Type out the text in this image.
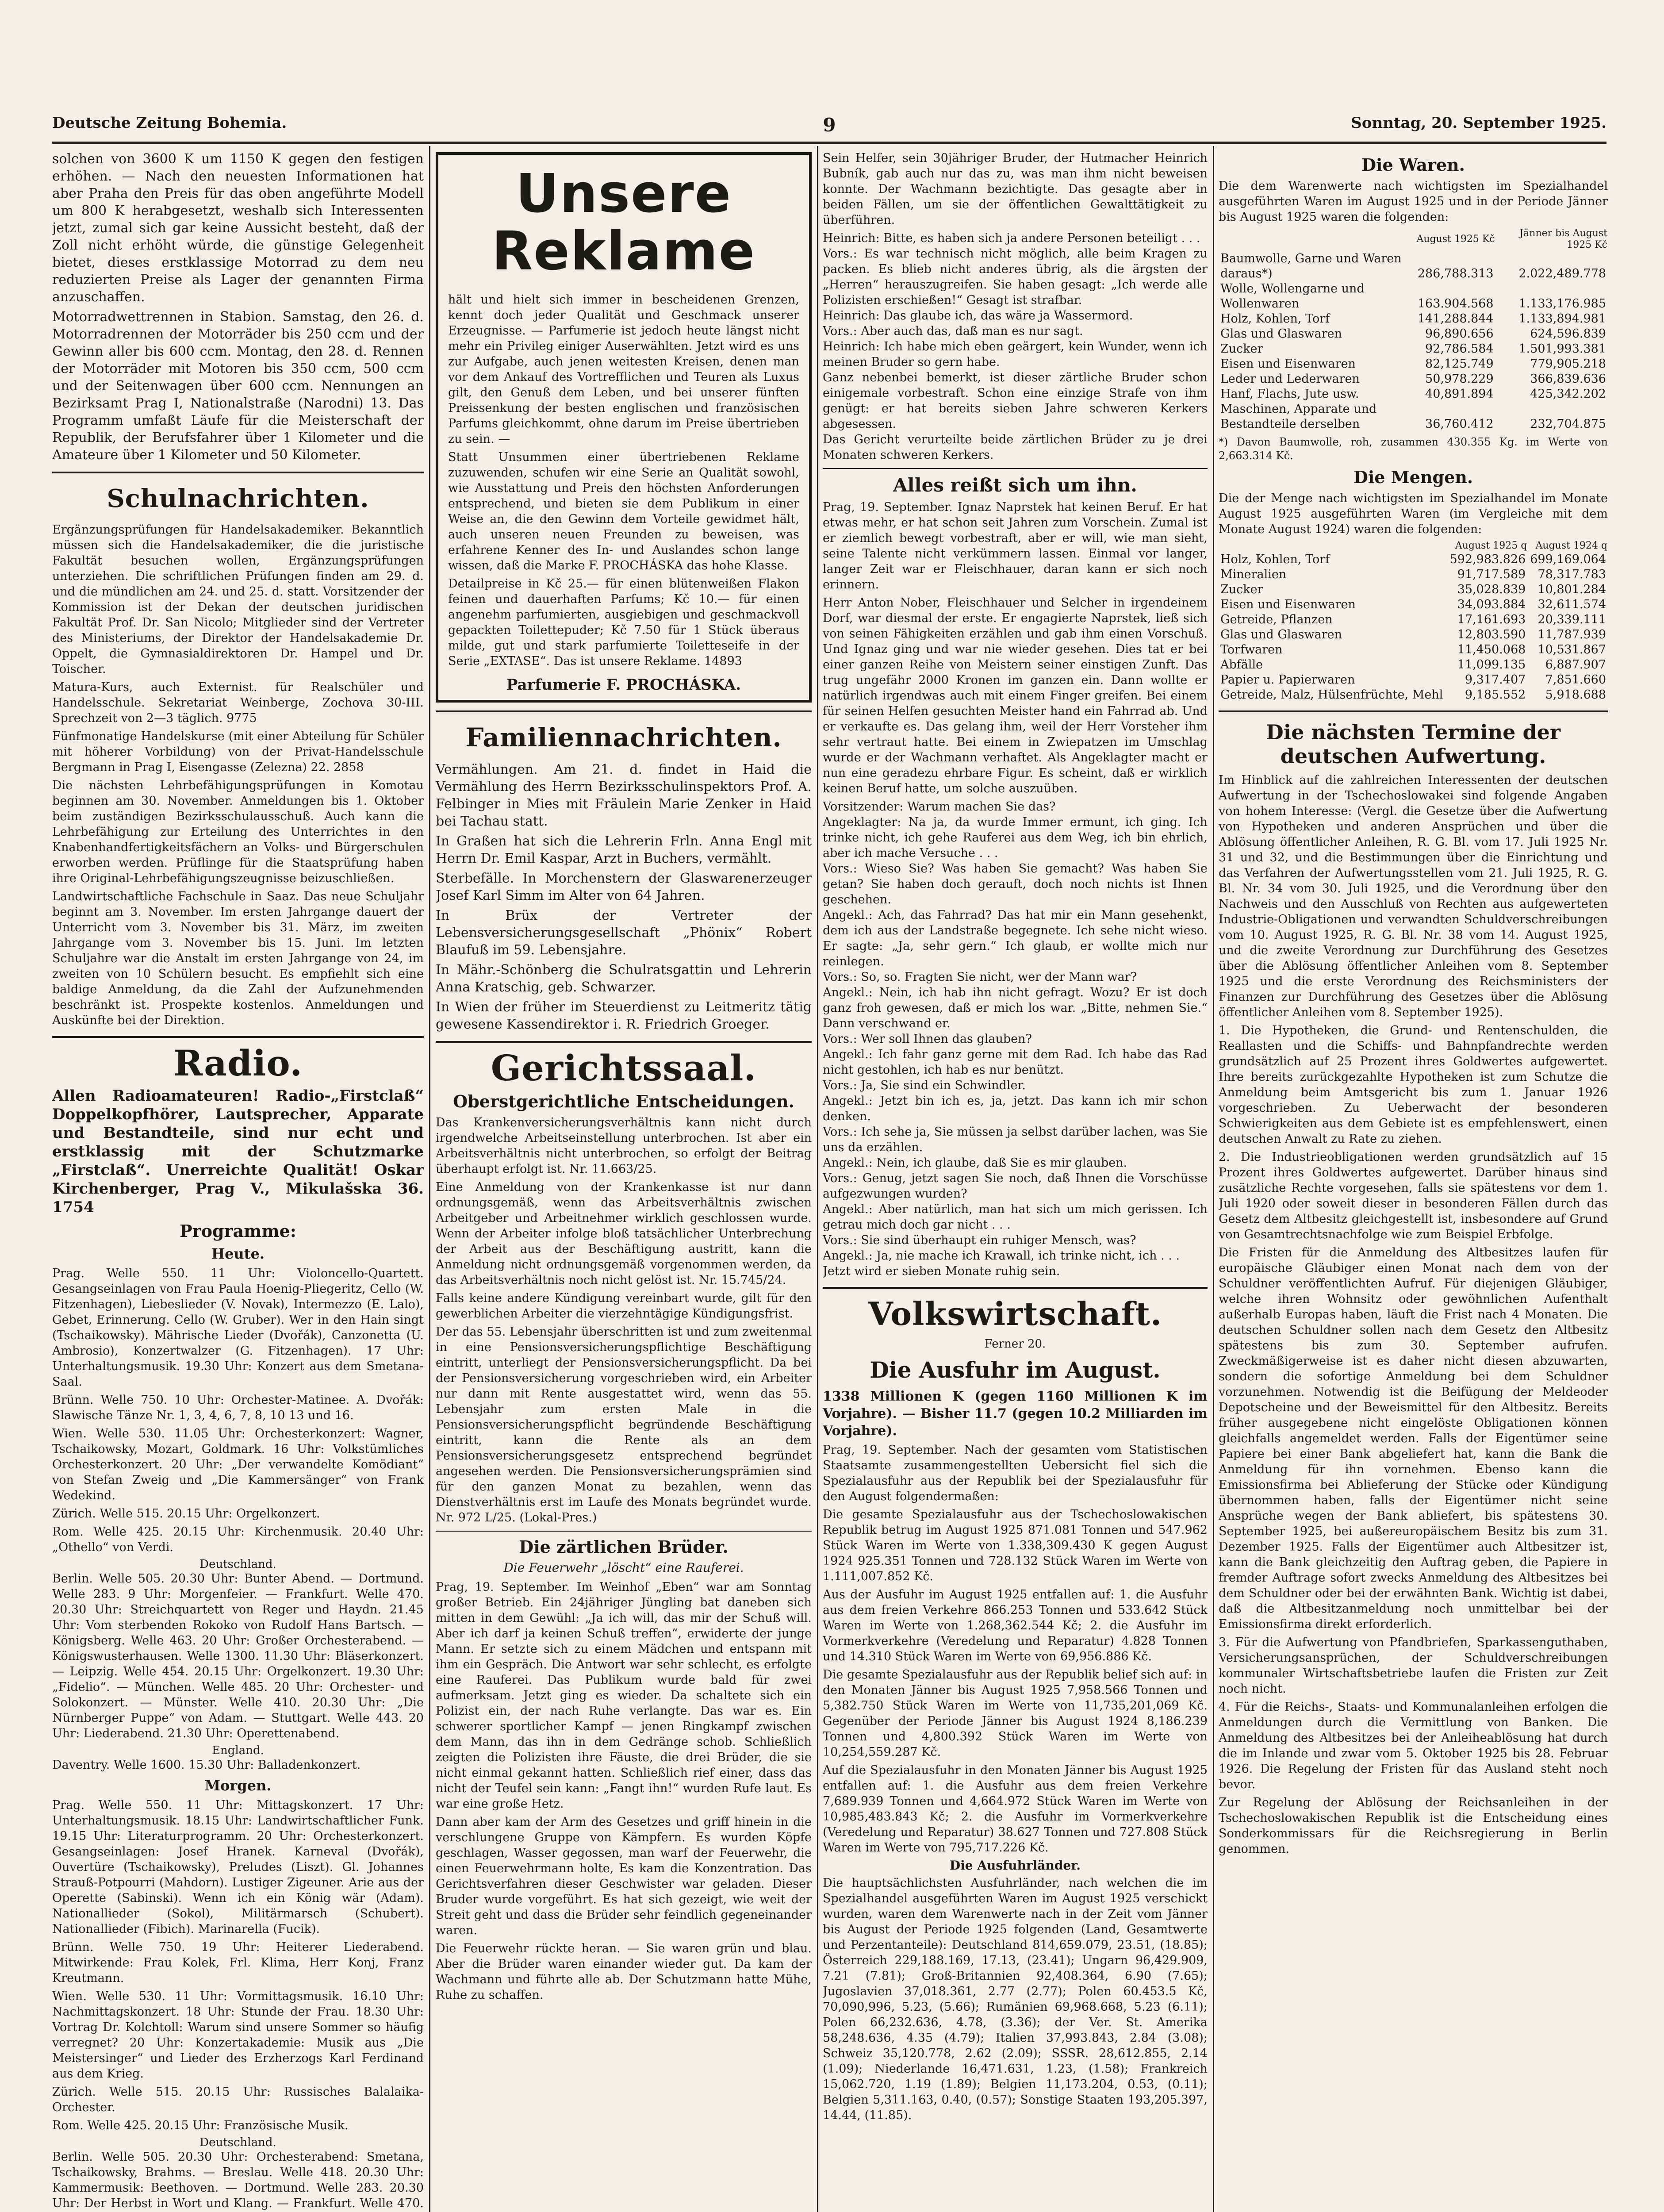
Deutsche Zeitung Bohemia.	9	Sonntag, 20. September 1925.

solchen von 3600 K um 1150 K gegen den festigen erhöhen. — Nach den neuesten Informationen hat aber Praha den Preis für das oben angeführte Modell um 800 K herabgesetzt, weshalb sich Interessenten jetzt, zumal sich gar keine Aussicht besteht, daß der Zoll nicht erhöht würde, die günstige Gelegenheit bietet, dieses erstklassige Motorrad zu dem neu reduzierten Preise als Lager der genannten Firma anzuschaffen.

Motorradwettrennen in Stabion. Samstag, den 26. d. Motorradrennen der Motorräder bis 250 ccm und der Gewinn aller bis 600 ccm. Montag, den 28. d. Rennen der Motorräder mit Motoren bis 350 ccm, 500 ccm und der Seitenwagen über 600 ccm. Nennungen an Bezirksamt Prag I, Nationalstraße (Narodni) 13. Das Programm umfaßt Läufe für die Meisterschaft der Republik, der Berufsfahrer über 1 Kilometer und die Amateure über 1 Kilometer und 50 Kilometer.

Schulnachrichten.

Ergänzungsprüfungen für Handelsakademiker. Bekanntlich müssen sich die Handelsakademiker, die die juristische Fakultät besuchen wollen, Ergänzungsprüfungen unterziehen. Die schriftlichen Prüfungen finden am 29. d. und die mündlichen am 24. und 25. d. statt. Vorsitzender der Kommission ist der Dekan der deutschen juridischen Fakultät Prof. Dr. San Nicolo; Mitglieder sind der Vertreter des Ministeriums, der Direktor der Handelsakademie Dr. Oppelt, die Gymnasialdirektoren Dr. Hampel und Dr. Toischer.

Matura-Kurs, auch Externist. für Realschüler und Handelsschule. Sekretariat Weinberge, Zochova 30-III. Sprechzeit von 2—3 täglich. 9775

Fünfmonatige Handelskurse (mit einer Abteilung für Schüler mit höherer Vorbildung) von der Privat-Handelsschule Bergmann in Prag I, Eisengasse (Zelezna) 22. 2858

Die nächsten Lehrbefähigungsprüfungen in Komotau beginnen am 30. November. Anmeldungen bis 1. Oktober beim zuständigen Bezirksschulausschuß. Auch kann die Lehrbefähigung zur Erteilung des Unterrichtes in den Knabenhandfertigkeitsfächern an Volks- und Bürgerschulen erworben werden. Prüflinge für die Staatsprüfung haben ihre Original-Lehrbefähigungszeugnisse beizuschließen.

Landwirtschaftliche Fachschule in Saaz. Das neue Schuljahr beginnt am 3. November. Im ersten Jahrgange dauert der Unterricht vom 3. November bis 31. März, im zweiten Jahrgange vom 3. November bis 15. Juni. Im letzten Schuljahre war die Anstalt im ersten Jahrgange von 24, im zweiten von 10 Schülern besucht. Es empfiehlt sich eine baldige Anmeldung, da die Zahl der Aufzunehmenden beschränkt ist. Prospekte kostenlos. Anmeldungen und Auskünfte bei der Direktion.

Radio.

Allen Radioamateuren! Radio-„Firstclaß“ Doppelkopfhörer, Lautsprecher, Apparate und Bestandteile, sind nur echt und erstklassig mit der Schutzmarke „Firstclaß“. Unerreichte Qualität! Oskar Kirchenberger, Prag V., Mikulašska 36. 1754

Programme:
Heute.

Prag. Welle 550. 11 Uhr: Violoncello-Quartett. Gesangseinlagen von Frau Paula Hoenig-Pliegeritz, Cello (W. Fitzenhagen), Liebeslieder (V. Novak), Intermezzo (E. Lalo), Gebet, Erinnerung. Cello (W. Gruber). Wer in den Hain singt (Tschaikowsky). Mährische Lieder (Dvořák), Canzonetta (U. Ambrosio), Konzertwalzer (G. Fitzenhagen). 17 Uhr: Unterhaltungsmusik. 19.30 Uhr: Konzert aus dem Smetana-Saal.

Brünn. Welle 750. 10 Uhr: Orchester-Matinee. A. Dvořák: Slawische Tänze Nr. 1, 3, 4, 6, 7, 8, 10 13 und 16.

Wien. Welle 530. 11.05 Uhr: Orchesterkonzert: Wagner, Tschaikowsky, Mozart, Goldmark. 16 Uhr: Volkstümliches Orchesterkonzert. 20 Uhr: „Der verwandelte Komödiant“ von Stefan Zweig und „Die Kammersänger“ von Frank Wedekind.

Zürich. Welle 515. 20.15 Uhr: Orgelkonzert.

Rom. Welle 425. 20.15 Uhr: Kirchenmusik. 20.40 Uhr: „Othello“ von Verdi.

Deutschland.

Berlin. Welle 505. 20.30 Uhr: Bunter Abend. — Dortmund. Welle 283. 9 Uhr: Morgenfeier. — Frankfurt. Welle 470. 20.30 Uhr: Streichquartett von Reger und Haydn. 21.45 Uhr: Vom sterbenden Rokoko von Rudolf Hans Bartsch. — Königsberg. Welle 463. 20 Uhr: Großer Orchesterabend. — Königswusterhausen. Welle 1300. 11.30 Uhr: Bläserkonzert. — Leipzig. Welle 454. 20.15 Uhr: Orgelkonzert. 19.30 Uhr: „Fidelio“. — München. Welle 485. 20 Uhr: Orchester- und Solokonzert. — Münster. Welle 410. 20.30 Uhr: „Die Nürnberger Puppe“ von Adam. — Stuttgart. Welle 443. 20 Uhr: Liederabend. 21.30 Uhr: Operettenabend.

England.

Daventry. Welle 1600. 15.30 Uhr: Balladenkonzert.

Morgen.

Prag. Welle 550. 11 Uhr: Mittagskonzert. 17 Uhr: Unterhaltungsmusik. 18.15 Uhr: Landwirtschaftlicher Funk. 19.15 Uhr: Literaturprogramm. 20 Uhr: Orchesterkonzert. Gesangseinlagen: Josef Hranek. Karneval (Dvořák), Ouvertüre (Tschaikowsky), Preludes (Liszt). Gl. Johannes Strauß-Potpourri (Mahdorn). Lustiger Zigeuner. Arie aus der Operette (Sabinski). Wenn ich ein König wär (Adam). Nationallieder (Sokol), Militärmarsch (Schubert). Nationallieder (Fibich). Marinarella (Fucik).

Brünn. Welle 750. 19 Uhr: Heiterer Liederabend. Mitwirkende: Frau Kolek, Frl. Klima, Herr Konj, Franz Kreutmann.

Wien. Welle 530. 11 Uhr: Vormittagsmusik. 16.10 Uhr: Nachmittagskonzert. 18 Uhr: Stunde der Frau. 18.30 Uhr: Vortrag Dr. Kolchtoll: Warum sind unsere Sommer so häufig verregnet? 20 Uhr: Konzertakademie: Musik aus „Die Meistersinger“ und Lieder des Erzherzogs Karl Ferdinand aus dem Krieg.

Zürich. Welle 515. 20.15 Uhr: Russisches Balalaika-Orchester.

Rom. Welle 425. 20.15 Uhr: Französische Musik.

Deutschland.

Berlin. Welle 505. 20.30 Uhr: Orchesterabend: Smetana, Tschaikowsky, Brahms. — Breslau. Welle 418. 20.30 Uhr: Kammermusik: Beethoven. — Dortmund. Welle 283. 20.30 Uhr: Der Herbst in Wort und Klang. — Frankfurt. Welle 470.

Unsere Reklame

hält und hielt sich immer in bescheidenen Grenzen, kennt doch jeder Qualität und Geschmack unserer Erzeugnisse. — Parfumerie ist jedoch heute längst nicht mehr ein Privileg einiger Auserwählten. Jetzt wird es uns zur Aufgabe, auch jenen weitesten Kreisen, denen man vor dem Ankauf des Vortrefflichen und Teuren als Luxus gilt, den Genuß dem Leben, und bei unserer fünften Preissenkung der besten englischen und französischen Parfums gleichkommt, ohne darum im Preise übertrieben zu sein. —

Statt Unsummen einer übertriebenen Reklame zuzuwenden, schufen wir eine Serie an Qualität sowohl, wie Ausstattung und Preis den höchsten Anforderungen entsprechend, und bieten sie dem Publikum in einer Weise an, die den Gewinn dem Vorteile gewidmet hält, auch unseren neuen Freunden zu beweisen, was erfahrene Kenner des In- und Auslandes schon lange wissen, daß die Marke F. PROCHÁSKA das hohe Klasse.

Detailpreise in Kč 25.— für einen blütenweißen Flakon feinen und dauerhaften Parfums; Kč 10.— für einen angenehm parfumierten, ausgiebigen und geschmackvoll gepackten Toilettepuder; Kč 7.50 für 1 Stück überaus milde, gut und stark parfumierte Toiletteseife in der Serie „EXTASE“. Das ist unsere Reklame. 14893

Parfumerie F. PROCHÁSKA.
Familiennachrichten.

Vermählungen. Am 21. d. findet in Haid die Vermählung des Herrn Bezirksschulinspektors Prof. A. Felbinger in Mies mit Fräulein Marie Zenker in Haid bei Tachau statt.

In Graßen hat sich die Lehrerin Frln. Anna Engl mit Herrn Dr. Emil Kaspar, Arzt in Buchers, vermählt.

Sterbefälle. In Morchenstern der Glaswarenerzeuger Josef Karl Simm im Alter von 64 Jahren.

In Brüx der Vertreter der Lebensversicherungsgesellschaft „Phönix“ Robert Blaufuß im 59. Lebensjahre.

In Mähr.-Schönberg die Schulratsgattin und Lehrerin Anna Kratschig, geb. Schwarzer.

In Wien der früher im Steuerdienst zu Leitmeritz tätig gewesene Kassendirektor i. R. Friedrich Groeger.

Gerichtssaal.
Oberstgerichtliche Entscheidungen.

Das Krankenversicherungsverhältnis kann nicht durch irgendwelche Arbeitseinstellung unterbrochen. Ist aber ein Arbeitsverhältnis nicht unterbrochen, so erfolgt der Beitrag überhaupt erfolgt ist. Nr. 11.663/25.

Eine Anmeldung von der Krankenkasse ist nur dann ordnungsgemäß, wenn das Arbeitsverhältnis zwischen Arbeitgeber und Arbeitnehmer wirklich geschlossen wurde. Wenn der Arbeiter infolge bloß tatsächlicher Unterbrechung der Arbeit aus der Beschäftigung austritt, kann die Anmeldung nicht ordnungsgemäß vorgenommen werden, da das Arbeitsverhältnis noch nicht gelöst ist. Nr. 15.745/24.

Falls keine andere Kündigung vereinbart wurde, gilt für den gewerblichen Arbeiter die vierzehntägige Kündigungsfrist.

Der das 55. Lebensjahr überschritten ist und zum zweitenmal in eine Pensionsversicherungspflichtige Beschäftigung eintritt, unterliegt der Pensionsversicherungspflicht. Da bei der Pensionsversicherung vorgeschrieben wird, ein Arbeiter nur dann mit Rente ausgestattet wird, wenn das 55. Lebensjahr zum ersten Male in die Pensionsversicherungspflicht begründende Beschäftigung eintritt, kann die Rente als an dem Pensionsversicherungsgesetz entsprechend begründet angesehen werden. Die Pensionsversicherungsprämien sind für den ganzen Monat zu bezahlen, wenn das Dienstverhältnis erst im Laufe des Monats begründet wurde. Nr. 972 L/25. (Lokal-Pres.)

Die zärtlichen Brüder.
Die Feuerwehr „löscht“ eine Rauferei.

Prag, 19. September. Im Weinhof „Eben“ war am Sonntag großer Betrieb. Ein 24jähriger Jüngling bat daneben sich mitten in dem Gewühl: „Ja ich will, das mir der Schuß will. Aber ich darf ja keinen Schuß treffen“, erwiderte der junge Mann. Er setzte sich zu einem Mädchen und entspann mit ihm ein Gespräch. Die Antwort war sehr schlecht, es erfolgte eine Rauferei. Das Publikum wurde bald für zwei aufmerksam. Jetzt ging es wieder. Da schaltete sich ein Polizist ein, der nach Ruhe verlangte. Das war es. Ein schwerer sportlicher Kampf — jenen Ringkampf zwischen dem Mann, das ihn in dem Gedränge schob. Schließlich zeigten die Polizisten ihre Fäuste, die drei Brüder, die sie nicht einmal gekannt hatten. Schließlich rief einer, dass das nicht der Teufel sein kann: „Fangt ihn!“ wurden Rufe laut. Es war eine große Hetz.

Dann aber kam der Arm des Gesetzes und griff hinein in die verschlungene Gruppe von Kämpfern. Es wurden Köpfe geschlagen, Wasser gegossen, man warf der Feuerwehr, die einen Feuerwehrmann holte, Es kam die Konzentration. Das Gerichtsverfahren dieser Geschwister war geladen. Dieser Bruder wurde vorgeführt. Es hat sich gezeigt, wie weit der Streit geht und dass die Brüder sehr feindlich gegeneinander waren.

Die Feuerwehr rückte heran. — Sie waren grün und blau. Aber die Brüder waren einander wieder gut. Da kam der Wachmann und führte alle ab. Der Schutzmann hatte Mühe, Ruhe zu schaffen.

Sein Helfer, sein 30jähriger Bruder, der Hutmacher Heinrich Bubník, gab auch nur das zu, was man ihm nicht beweisen konnte. Der Wachmann bezichtigte. Das gesagte aber in beiden Fällen, um sie der öffentlichen Gewalttätigkeit zu überführen.

Heinrich: Bitte, es haben sich ja andere Personen beteiligt . . .
Vors.: Es war technisch nicht möglich, alle beim Kragen zu packen. Es blieb nicht anderes übrig, als die ärgsten der „Herren“ herauszugreifen. Sie haben gesagt: „Ich werde alle Polizisten erschießen!“ Gesagt ist strafbar.
Heinrich: Das glaube ich, das wäre ja Wassermord.
Vors.: Aber auch das, daß man es nur sagt.
Heinrich: Ich habe mich eben geärgert, kein Wunder, wenn ich meinen Bruder so gern habe.
Ganz nebenbei bemerkt, ist dieser zärtliche Bruder schon einigemale vorbestraft. Schon eine einzige Strafe von ihm genügt: er hat bereits sieben Jahre schweren Kerkers abgesessen.
Das Gericht verurteilte beide zärtlichen Brüder zu je drei Monaten schweren Kerkers.

Alles reißt sich um ihn.

Prag, 19. September. Ignaz Naprstek hat keinen Beruf. Er hat etwas mehr, er hat schon seit Jahren zum Vorschein. Zumal ist er ziemlich bewegt vorbestraft, aber er will, wie man sieht, seine Talente nicht verkümmern lassen. Einmal vor langer, langer Zeit war er Fleischhauer, daran kann er sich noch erinnern.

Herr Anton Nober, Fleischhauer und Selcher in irgendeinem Dorf, war diesmal der erste. Er engagierte Naprstek, ließ sich von seinen Fähigkeiten erzählen und gab ihm einen Vorschuß. Und Ignaz ging und war nie wieder gesehen. Dies tat er bei einer ganzen Reihe von Meistern seiner einstigen Zunft. Das trug ungefähr 2000 Kronen im ganzen ein. Dann wollte er natürlich irgendwas auch mit einem Finger greifen. Bei einem für seinen Helfen gesuchten Meister hand ein Fahrrad ab. Und er verkaufte es. Das gelang ihm, weil der Herr Vorsteher ihm sehr vertraut hatte. Bei einem in Zwiepatzen im Umschlag wurde er der Wachmann verhaftet. Als Angeklagter macht er nun eine geradezu ehrbare Figur. Es scheint, daß er wirklich keinen Beruf hatte, um solche auszuüben.

Vorsitzender: Warum machen Sie das?
Angeklagter: Na ja, da wurde Immer ermunt, ich ging. Ich trinke nicht, ich gehe Rauferei aus dem Weg, ich bin ehrlich, aber ich mache Versuche . . .
Vors.: Wieso Sie? Was haben Sie gemacht? Was haben Sie getan? Sie haben doch gerauft, doch noch nichts ist Ihnen geschehen.
Angekl.: Ach, das Fahrrad? Das hat mir ein Mann gesehenkt, dem ich aus der Landstraße begegnete. Ich sehe nicht wieso. Er sagte: „Ja, sehr gern.“ Ich glaub, er wollte mich nur reinlegen.
Vors.: So, so. Fragten Sie nicht, wer der Mann war?
Angekl.: Nein, ich hab ihn nicht gefragt. Wozu? Er ist doch ganz froh gewesen, daß er mich los war. „Bitte, nehmen Sie.“ Dann verschwand er.
Vors.: Wer soll Ihnen das glauben?
Angekl.: Ich fahr ganz gerne mit dem Rad. Ich habe das Rad nicht gestohlen, ich hab es nur benützt.
Vors.: Ja, Sie sind ein Schwindler.
Angekl.: Jetzt bin ich es, ja, jetzt. Das kann ich mir schon denken.
Vors.: Ich sehe ja, Sie müssen ja selbst darüber lachen, was Sie uns da erzählen.
Angekl.: Nein, ich glaube, daß Sie es mir glauben.
Vors.: Genug, jetzt sagen Sie noch, daß Ihnen die Vorschüsse aufgezwungen wurden?
Angekl.: Aber natürlich, man hat sich um mich gerissen. Ich getrau mich doch gar nicht . . .
Vors.: Sie sind überhaupt ein ruhiger Mensch, was?
Angekl.: Ja, nie mache ich Krawall, ich trinke nicht, ich . . .
Jetzt wird er sieben Monate ruhig sein.

Volkswirtschaft.
Ferner 20.
Die Ausfuhr im August.

1338 Millionen K (gegen 1160 Millionen K im Vorjahre). — Bisher 11.7 (gegen 10.2 Milliarden im Vorjahre).

Prag, 19. September. Nach der gesamten vom Statistischen Staatsamte zusammengestellten Uebersicht fiel sich die Spezialausfuhr aus der Republik bei der Spezialausfuhr für den August folgendermaßen:

Die gesamte Spezialausfuhr aus der Tschechoslowakischen Republik betrug im August 1925 871.081 Tonnen und 547.962 Stück Waren im Werte von 1.338,309.430 K gegen August 1924 925.351 Tonnen und 728.132 Stück Waren im Werte von 1.111,007.852 Kč.

Aus der Ausfuhr im August 1925 entfallen auf: 1. die Ausfuhr aus dem freien Verkehre 866.253 Tonnen und 533.642 Stück Waren im Werte von 1.268,362.544 Kč; 2. die Ausfuhr im Vormerkverkehre (Veredelung und Reparatur) 4.828 Tonnen und 14.310 Stück Waren im Werte von 69,956.886 Kč.

Die gesamte Spezialausfuhr aus der Republik belief sich auf: in den Monaten Jänner bis August 1925 7,958.566 Tonnen und 5,382.750 Stück Waren im Werte von 11,735,201,069 Kč. Gegenüber der Periode Jänner bis August 1924 8,186.239 Tonnen und 4,800.392 Stück Waren im Werte von 10,254,559.287 Kč.

Auf die Spezialausfuhr in den Monaten Jänner bis August 1925 entfallen auf: 1. die Ausfuhr aus dem freien Verkehre 7,689.939 Tonnen und 4,664.972 Stück Waren im Werte von 10,985,483.843 Kč; 2. die Ausfuhr im Vormerkverkehre (Veredelung und Reparatur) 38.627 Tonnen und 727.808 Stück Waren im Werte von 795,717.226 Kč.

Die Ausfuhrländer.

Die hauptsächlichsten Ausfuhrländer, nach welchen die im Spezialhandel ausgeführten Waren im August 1925 verschickt wurden, waren dem Warenwerte nach in der Zeit vom Jänner bis August der Periode 1925 folgenden (Land, Gesamtwerte und Perzentanteile): Deutschland 814,659.079, 23.51, (18.85); Österreich 229,188.169, 17.13, (23.41); Ungarn 96,429.909, 7.21 (7.81); Groß-Britannien 92,408.364, 6.90 (7.65); Jugoslavien 37,018.361, 2.77 (2.77); Polen 60.453.5 Kč, 70,090,996, 5.23, (5.66); Rumänien 69,968.668, 5.23 (6.11); Polen 66,232.636, 4.78, (3.36); der Ver. St. Amerika 58,248.636, 4.35 (4.79); Italien 37,993.843, 2.84 (3.08); Schweiz 35,120.778, 2.62 (2.09); SSSR. 28,612.855, 2.14 (1.09); Niederlande 16,471.631, 1.23, (1.58); Frankreich 15,062.720, 1.19 (1.89); Belgien 11,173.204, 0.53, (0.11); Belgien 5,311.163, 0.40, (0.57); Sonstige Staaten 193,205.397, 14.44, (11.85).

Die Waren.

Die dem Warenwerte nach wichtigsten im Spezialhandel ausgeführten Waren im August 1925 und in der Periode Jänner bis August 1925 waren die folgenden:

	August 1925 Kč	Jänner bis August 1925 Kč
Baumwolle, Garne und Waren daraus*)	286,788.313	2.022,489.778
Wolle, Wollengarne und Wollenwaren	163.904.568	1.133,176.985
Holz, Kohlen, Torf	141,288.844	1.133,894.981
Glas und Glaswaren	96,890.656	624,596.839
Zucker	92,786.584	1.501,993.381
Eisen und Eisenwaren	82,125.749	779,905.218
Leder und Lederwaren	50,978.229	366,839.636
Hanf, Flachs, Jute usw.	40,891.894	425,342.202
Maschinen, Apparate und Bestandteile derselben	36,760.412	232,704.875

*) Davon Baumwolle, roh, zusammen 430.355 Kg. im Werte von 2,663.314 Kč.

Die Mengen.

Die der Menge nach wichtigsten im Spezialhandel im Monate August 1925 ausgeführten Waren (im Vergleiche mit dem Monate August 1924) waren die folgenden:

	August 1925 q	August 1924 q
Holz, Kohlen, Torf	592,983.826	699,169.064
Mineralien	91,717.589	78,317.783
Zucker	35,028.839	10,801.284
Eisen und Eisenwaren	34,093.884	32,611.574
Getreide, Pflanzen	17,161.693	20,339.111
Glas und Glaswaren	12,803.590	11,787.939
Torfwaren	11,450.068	10,531.867
Abfälle	11,099.135	6,887.907
Papier u. Papierwaren	9,317.407	7,851.660
Getreide, Malz, Hülsenfrüchte, Mehl	9,185.552	5,918.688
Die nächsten Termine der deutschen Aufwertung.

Im Hinblick auf die zahlreichen Interessenten der deutschen Aufwertung in der Tschechoslowakei sind folgende Angaben von hohem Interesse: (Vergl. die Gesetze über die Aufwertung von Hypotheken und anderen Ansprüchen und über die Ablösung öffentlicher Anleihen, R. G. Bl. vom 17. Juli 1925 Nr. 31 und 32, und die Bestimmungen über die Einrichtung und das Verfahren der Aufwertungsstellen vom 21. Juli 1925, R. G. Bl. Nr. 34 vom 30. Juli 1925, und die Verordnung über den Nachweis und den Ausschluß von Rechten aus aufgewerteten Industrie-Obligationen und verwandten Schuldverschreibungen vom 10. August 1925, R. G. Bl. Nr. 38 vom 14. August 1925, und die zweite Verordnung zur Durchführung des Gesetzes über die Ablösung öffentlicher Anleihen vom 8. September 1925 und die erste Verordnung des Reichsministers der Finanzen zur Durchführung des Gesetzes über die Ablösung öffentlicher Anleihen vom 8. September 1925).

1. Die Hypotheken, die Grund- und Rentenschulden, die Reallasten und die Schiffs- und Bahnpfandrechte werden grundsätzlich auf 25 Prozent ihres Goldwertes aufgewertet. Ihre bereits zurückgezahlte Hypotheken ist zum Schutze die Anmeldung beim Amtsgericht bis zum 1. Januar 1926 vorgeschrieben. Zu Ueberwacht der besonderen Schwierigkeiten aus dem Gebiete ist es empfehlenswert, einen deutschen Anwalt zu Rate zu ziehen.

2. Die Industrieobligationen werden grundsätzlich auf 15 Prozent ihres Goldwertes aufgewertet. Darüber hinaus sind zusätzliche Rechte vorgesehen, falls sie spätestens vor dem 1. Juli 1920 oder soweit dieser in besonderen Fällen durch das Gesetz dem Altbesitz gleichgestellt ist, insbesondere auf Grund von Gesamtrechtsnachfolge wie zum Beispiel Erbfolge.

Die Fristen für die Anmeldung des Altbesitzes laufen für europäische Gläubiger einen Monat nach dem von der Schuldner veröffentlichten Aufruf. Für diejenigen Gläubiger, welche ihren Wohnsitz oder gewöhnlichen Aufenthalt außerhalb Europas haben, läuft die Frist nach 4 Monaten. Die deutschen Schuldner sollen nach dem Gesetz den Altbesitz spätestens bis zum 30. September aufrufen. Zweckmäßigerweise ist es daher nicht diesen abzuwarten, sondern die sofortige Anmeldung bei dem Schuldner vorzunehmen. Notwendig ist die Beifügung der Meldeoder Depotscheine und der Beweismittel für den Altbesitz. Bereits früher ausgegebene nicht eingelöste Obligationen können gleichfalls angemeldet werden. Falls der Eigentümer seine Papiere bei einer Bank abgeliefert hat, kann die Bank die Anmeldung für ihn vornehmen. Ebenso kann die Emissionsfirma bei Ablieferung der Stücke oder Kündigung übernommen haben, falls der Eigentümer nicht seine Ansprüche wegen der Bank abliefert, bis spätestens 30. September 1925, bei außereuropäischem Besitz bis zum 31. Dezember 1925. Falls der Eigentümer auch Altbesitzer ist, kann die Bank gleichzeitig den Auftrag geben, die Papiere in fremder Auftrage sofort zwecks Anmeldung des Altbesitzes bei dem Schuldner oder bei der erwähnten Bank. Wichtig ist dabei, daß die Altbesitzanmeldung noch unmittelbar bei der Emissionsfirma direkt erforderlich.

3. Für die Aufwertung von Pfandbriefen, Sparkassenguthaben, Versicherungsansprüchen, der Schuldverschreibungen kommunaler Wirtschaftsbetriebe laufen die Fristen zur Zeit noch nicht.

4. Für die Reichs-, Staats- und Kommunalanleihen erfolgen die Anmeldungen durch die Vermittlung von Banken. Die Anmeldung des Altbesitzes bei der Anleiheablösung hat durch die im Inlande und zwar vom 5. Oktober 1925 bis 28. Februar 1926. Die Regelung der Fristen für das Ausland steht noch bevor.

Zur Regelung der Ablösung der Reichsanleihen in der Tschechoslowakischen Republik ist die Entscheidung eines Sonderkommissars für die Reichsregierung in Berlin genommen.
